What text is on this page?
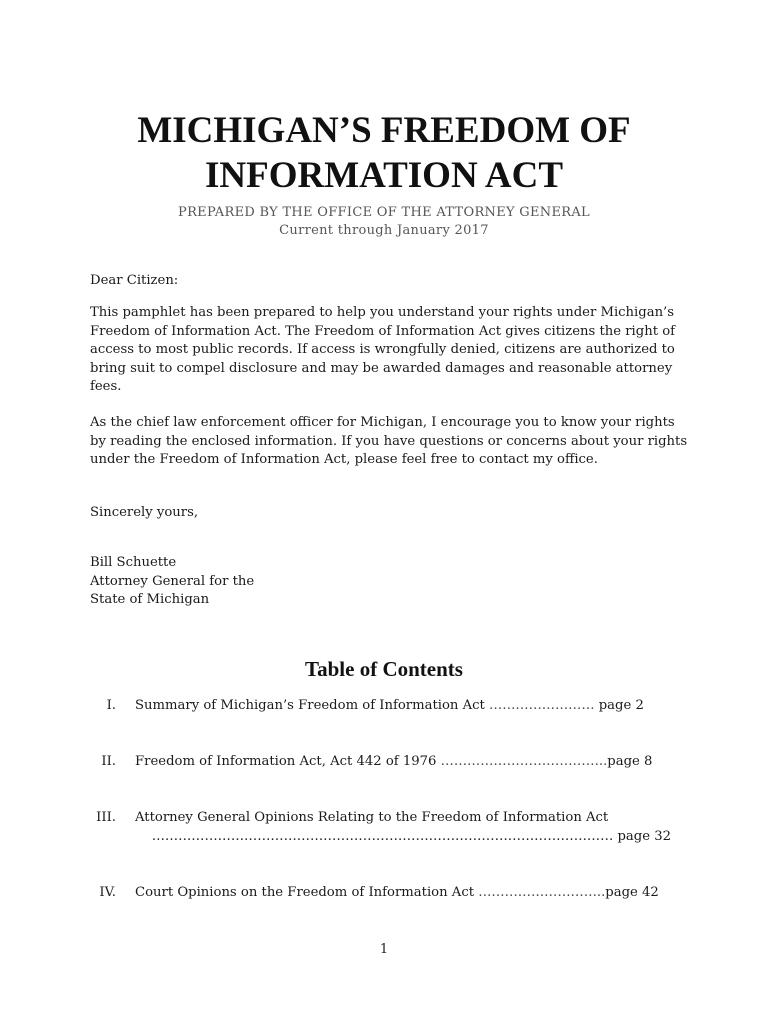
MICHIGAN’S FREEDOM OF
INFORMATION ACT
PREPARED BY THE OFFICE OF THE ATTORNEY GENERAL
Current through January 2017
Dear Citizen:
This pamphlet has been prepared to help you understand your rights under Michigan’s Freedom of Information Act. The Freedom of Information Act gives citizens the right of access to most public records. If access is wrongfully denied, citizens are authorized to bring suit to compel disclosure and may be awarded damages and reasonable attorney fees.
As the chief law enforcement officer for Michigan, I encourage you to know your rights by reading the enclosed information. If you have questions or concerns about your rights under the Freedom of Information Act, please feel free to contact my office.
Sincerely yours,
Bill Schuette
Attorney General for the
State of Michigan
Table of Contents
I. Summary of Michigan’s Freedom of Information Act …………………… page 2
II. Freedom of Information Act, Act 442 of 1976 ………………………………..page 8
III. Attorney General Opinions Relating to the Freedom of Information Act
…………………………………………………………………………………………… page 32
IV. Court Opinions on the Freedom of Information Act ………………………..page 42
1
